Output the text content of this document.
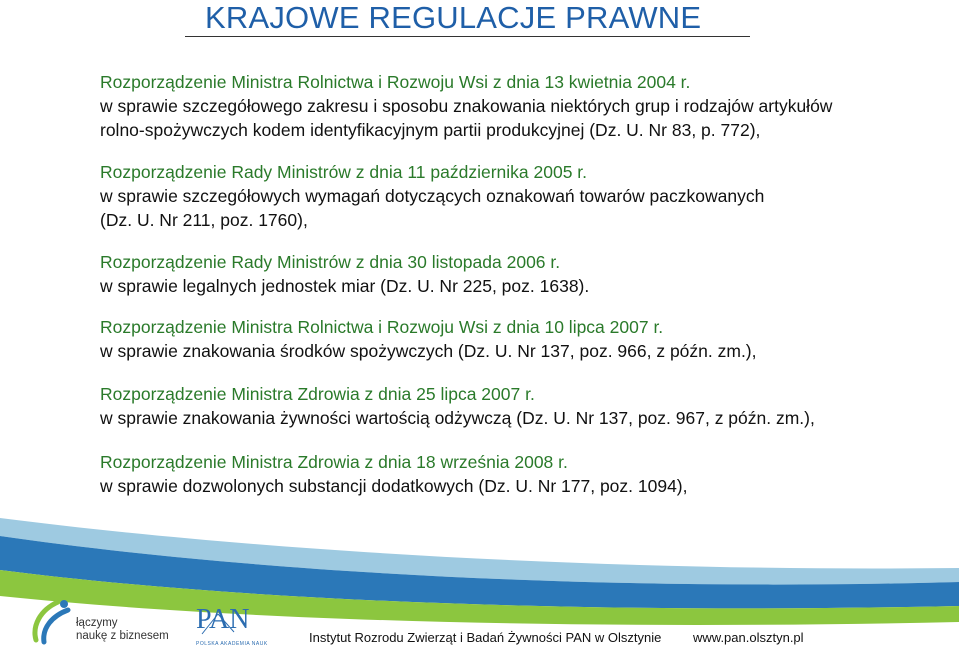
KRAJOWE REGULACJE PRAWNE
Rozporządzenie Ministra Rolnictwa i Rozwoju Wsi z dnia 13 kwietnia 2004 r.
w sprawie szczegółowego zakresu i sposobu znakowania niektórych grup i rodzajów artykułów
rolno-spożywczych kodem identyfikacyjnym partii produkcyjnej (Dz. U. Nr 83, p. 772),
Rozporządzenie Rady Ministrów z dnia 11 października 2005 r.
w sprawie szczegółowych wymagań dotyczących oznakowań towarów paczkowanych
(Dz. U. Nr 211, poz. 1760),
Rozporządzenie Rady Ministrów z dnia 30 listopada 2006 r.
w sprawie legalnych jednostek miar (Dz. U. Nr 225, poz. 1638).
Rozporządzenie Ministra Rolnictwa i Rozwoju Wsi z dnia 10 lipca 2007 r.
w sprawie znakowania środków spożywczych (Dz. U. Nr 137, poz. 966, z późn. zm.),
Rozporządzenie Ministra Zdrowia z dnia 25 lipca 2007 r.
w sprawie znakowania żywności wartością odżywczą (Dz. U. Nr 137, poz. 967, z późn. zm.),
Rozporządzenie Ministra Zdrowia z dnia 18 września 2008 r.
w sprawie dozwolonych substancji dodatkowych (Dz. U. Nr 177, poz. 1094),
łączymy
naukę z biznesem
PAN
POLSKA AKADEMIA NAUK	Instytut Rozrodu Zwierząt i Badań Żywności PAN w Olsztynie www.pan.olsztyn.pl
